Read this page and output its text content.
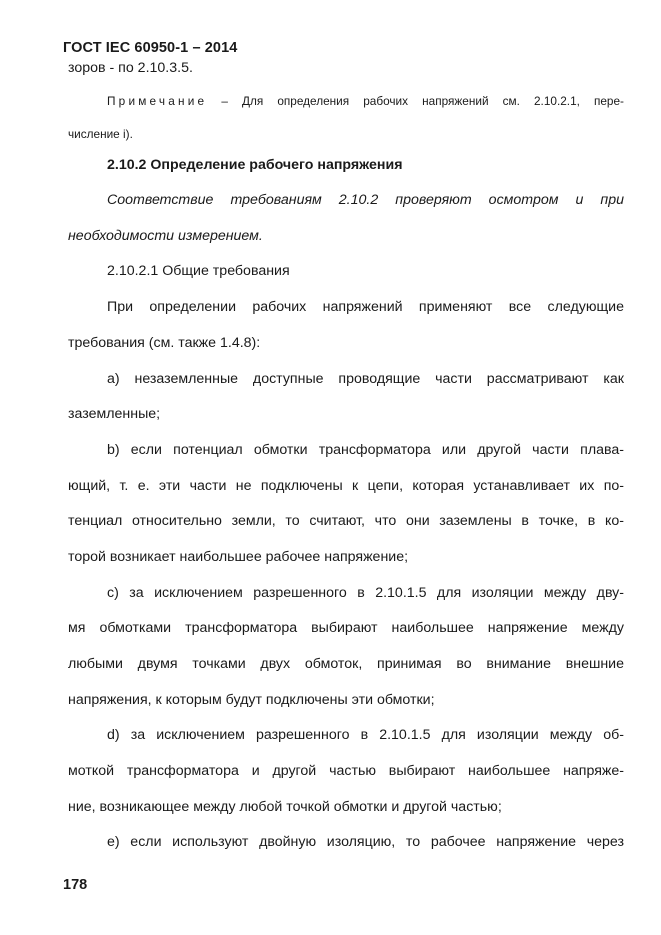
ГОСТ IEC 60950-1 – 2014
зоров - по 2.10.3.5.
Примечание – Для определения рабочих напряжений см. 2.10.2.1, пере-
числение i).
2.10.2 Определение рабочего напряжения
Соответствие требованиям 2.10.2 проверяют осмотром и при
необходимости измерением.
2.10.2.1 Общие требования
При определении рабочих напряжений применяют все следующие
требования (см. также 1.4.8):
a) незаземленные доступные проводящие части рассматривают как
заземленные;
b) если потенциал обмотки трансформатора или другой части плава-
ющий, т. е. эти части не подключены к цепи, которая устанавливает их по-
тенциал относительно земли, то считают, что они заземлены в точке, в ко-
торой возникает наибольшее рабочее напряжение;
c) за исключением разрешенного в 2.10.1.5 для изоляции между дву-
мя обмотками трансформатора выбирают наибольшее напряжение между
любыми двумя точками двух обмоток, принимая во внимание внешние
напряжения, к которым будут подключены эти обмотки;
d) за исключением разрешенного в 2.10.1.5 для изоляции между об-
моткой трансформатора и другой частью выбирают наибольшее напряже-
ние, возникающее между любой точкой обмотки и другой частью;
e) если используют двойную изоляцию, то рабочее напряжение через
178
